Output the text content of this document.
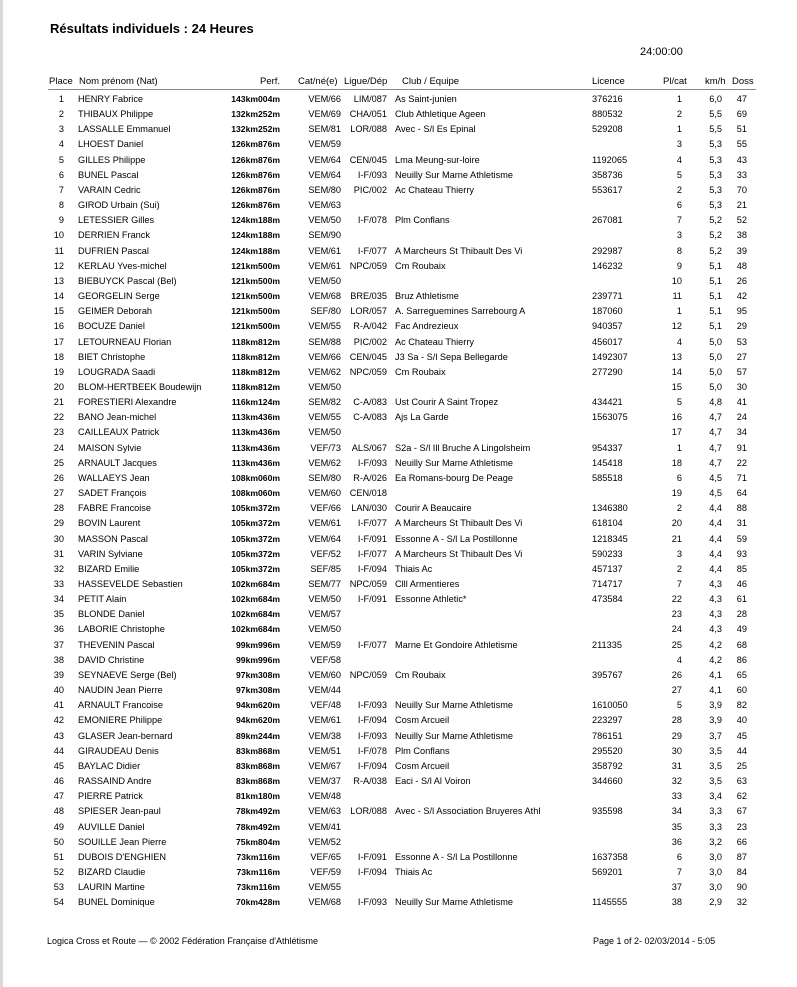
Résultats individuels : 24 Heures
24:00:00
Place Nom prénom (Nat)	Perf. Cat/né(e) Ligue/Dép Club / Equipe	Licence	Pl/cat km/h Doss
1 HENRY Fabrice	143km004m	VEM/66	LIM/087 As Saint-junien	376216	1	6,0 47
2 THIBAUX Philippe	132km252m	VEM/69 CHA/051 Club Athletique Ageen	880532	2	5,5 69
3 LASSALLE Emmanuel	132km252m	SEM/81	LOR/088 Avec - S/l Es Epinal	529208	1	5,5 51
4 LHOEST Daniel	126km876m	VEM/59	3	5,3 55
5 GILLES Philippe	126km876m	VEM/64 CEN/045 Lma Meung-sur-loire	1192065	4	5,3 43
6 BUNEL Pascal	126km876m	VEM/64	I-F/093 Neuilly Sur Marne Athletisme	358736	5	5,3 33
7 VARAIN Cedric	126km876m	SEM/80	PIC/002 Ac Chateau Thierry	553617	2	5,3 70
8 GIROD Urbain (Sui)	126km876m	VEM/63	6	5,3 21
9 LETESSIER Gilles	124km188m	VEM/50	I-F/078 Plm Conflans	267081	7	5,2 52
10 DERRIEN Franck	124km188m	SEM/90	3	5,2 38
11 DUFRIEN Pascal	124km188m	VEM/61	I-F/077 A Marcheurs St Thibault Des Vi	292987	8	5,2 39
12 KERLAU Yves-michel	121km500m	VEM/61 NPC/059 Cm Roubaix	146232	9	5,1 48
13 BIEBUYCK Pascal (Bel)	121km500m	VEM/50	10	5,1 26
14 GEORGELIN Serge	121km500m	VEM/68	BRE/035 Bruz Athletisme	239771	11	5,1 42
15 GEIMER Deborah	121km500m	SEF/80	LOR/057 A. Sarreguemines Sarrebourg A	187060	1	5,1 95
16 BOCUZE Daniel	121km500m	VEM/55	R-A/042 Fac Andrezieux	940357	12	5,1 29
17 LETOURNEAU Florian	118km812m	SEM/88	PIC/002 Ac Chateau Thierry	456017	4	5,0 53
18 BIET Christophe	118km812m	VEM/66 CEN/045 J3 Sa - S/l Sepa Bellegarde	1492307	13	5,0 27
19 LOUGRADA Saadi	118km812m	VEM/62 NPC/059 Cm Roubaix	277290	14	5,0 57
20 BLOM-HERTBEEK Boudewijn	118km812m	VEM/50	15	5,0 30
21 FORESTIERI Alexandre	116km124m	SEM/82	C-A/083 Ust Courir A Saint Tropez	434421	5	4,8 41
22 BANO Jean-michel	113km436m	VEM/55	C-A/083 Ajs La Garde	1563075	16	4,7 24
23 CAILLEAUX Patrick	113km436m	VEM/50	17	4,7 34
24 MAISON Sylvie	113km436m	VEF/73	ALS/067 S2a - S/l Ill Bruche A Lingolsheim	954337	1	4,7 91
25 ARNAULT Jacques	113km436m	VEM/62	I-F/093 Neuilly Sur Marne Athletisme	145418	18	4,7 22
26 WALLAEYS Jean	108km060m	SEM/80	R-A/026 Ea Romans-bourg De Peage	585518	6	4,5 71
27 SADET François	108km060m	VEM/60 CEN/018	19	4,5 64
28 FABRE Francoise	105km372m	VEF/66	LAN/030 Courir A Beaucaire	1346380	2	4,4 88
29 BOVIN Laurent	105km372m	VEM/61	I-F/077 A Marcheurs St Thibault Des Vi	618104	20	4,4 31
30 MASSON Pascal	105km372m	VEM/64	I-F/091 Essonne A - S/l La Postillonne	1218345	21	4,4 59
31 VARIN Sylviane	105km372m	VEF/52	I-F/077 A Marcheurs St Thibault Des Vi	590233	3	4,4 93
32 BIZARD Emilie	105km372m	SEF/85	I-F/094 Thiais Ac	457137	2	4,4 85
33 HASSEVELDE Sebastien	102km684m	SEM/77 NPC/059 Clll Armentieres	714717	7	4,3 46
34 PETIT Alain	102km684m	VEM/50	I-F/091 Essonne Athletic*	473584	22	4,3 61
35 BLONDE Daniel	102km684m	VEM/57	23	4,3 28
36 LABORIE Christophe	102km684m	VEM/50	24	4,3 49
37 THEVENIN Pascal	99km996m	VEM/59	I-F/077 Marne Et Gondoire Athletisme	211335	25	4,2 68
38 DAVID Christine	99km996m	VEF/58	4	4,2 86
39 SEYNAEVE Serge (Bel)	97km308m	VEM/60 NPC/059 Cm Roubaix	395767	26	4,1 65
40 NAUDIN Jean Pierre	97km308m	VEM/44	27	4,1 60
41 ARNAULT Francoise	94km620m	VEF/48	I-F/093 Neuilly Sur Marne Athletisme	1610050	5	3,9 82
42 EMONIERE Philippe	94km620m	VEM/61	I-F/094 Cosm Arcueil	223297	28	3,9 40
43 GLASER Jean-bernard	89km244m	VEM/38	I-F/093 Neuilly Sur Marne Athletisme	786151	29	3,7 45
44 GIRAUDEAU Denis	83km868m	VEM/51	I-F/078 Plm Conflans	295520	30	3,5 44
45 BAYLAC Didier	83km868m	VEM/67	I-F/094 Cosm Arcueil	358792	31	3,5 25
46 RASSAIND Andre	83km868m	VEM/37	R-A/038 Eaci - S/l Al Voiron	344660	32	3,5 63
47 PIERRE Patrick	81km180m	VEM/48	33	3,4 62
48 SPIESER Jean-paul	78km492m	VEM/63	LOR/088 Avec - S/l Association Bruyeres Athl	935598	34	3,3 67
49 AUVILLE Daniel	78km492m	VEM/41	35	3,3 23
50 SOUILLE Jean Pierre	75km804m	VEM/52	36	3,2 66
51 DUBOIS D'ENGHIEN	73km116m	VEF/65	I-F/091 Essonne A - S/l La Postillonne	1637358	6	3,0 87
52 BIZARD Claudie	73km116m	VEF/59	I-F/094 Thiais Ac	569201	7	3,0 84
53 LAURIN Martine	73km116m	VEM/55	37	3,0 90
54 BUNEL Dominique	70km428m	VEM/68	I-F/093 Neuilly Sur Marne Athletisme	1145555	38	2,9 32
Logica Cross et Route — © 2002 Fédération Française d'Athlétisme	Page 1 of 2- 02/03/2014 - 5:05
